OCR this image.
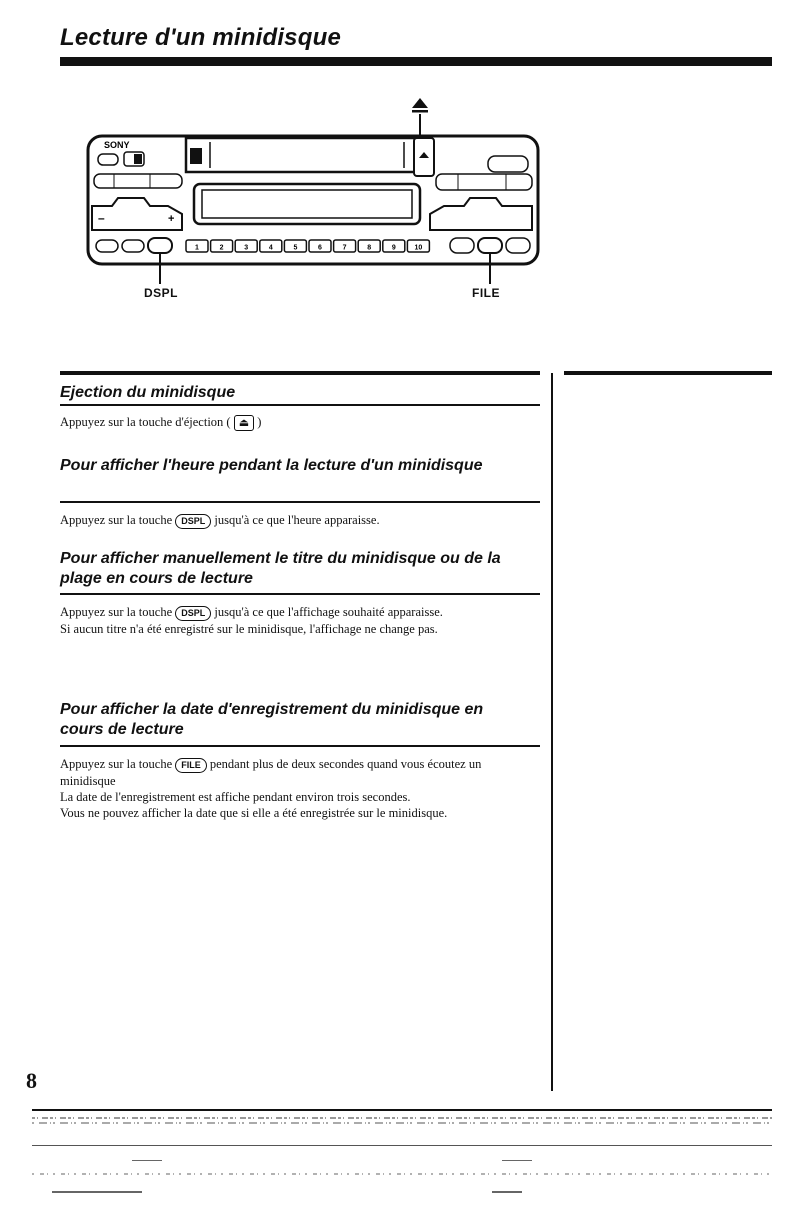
Lecture d'un minidisque
SONY
–	+
1	2	3	4	5	6	7	8	9	10
DSPL	FILE
Ejection du minidisque
Appuyez sur la touche d'éjection ( ⏏ )
Pour afficher l'heure pendant la lecture d'un minidisque
Appuyez sur la touche DSPL jusqu'à ce que l'heure apparaisse.
Pour afficher manuellement le titre du minidisque ou de la plage en cours de lecture
Appuyez sur la touche DSPL jusqu'à ce que l'affichage souhaité apparaisse.
Si aucun titre n'a été enregistré sur le minidisque, l'affichage ne change pas.
Pour afficher la date d'enregistrement du minidisque en cours de lecture
Appuyez sur la touche FILE pendant plus de deux secondes quand vous écoutez un minidisque
La date de l'enregistrement est affiche pendant environ trois secondes.
Vous ne pouvez afficher la date que si elle a été enregistrée sur le minidisque.
8
